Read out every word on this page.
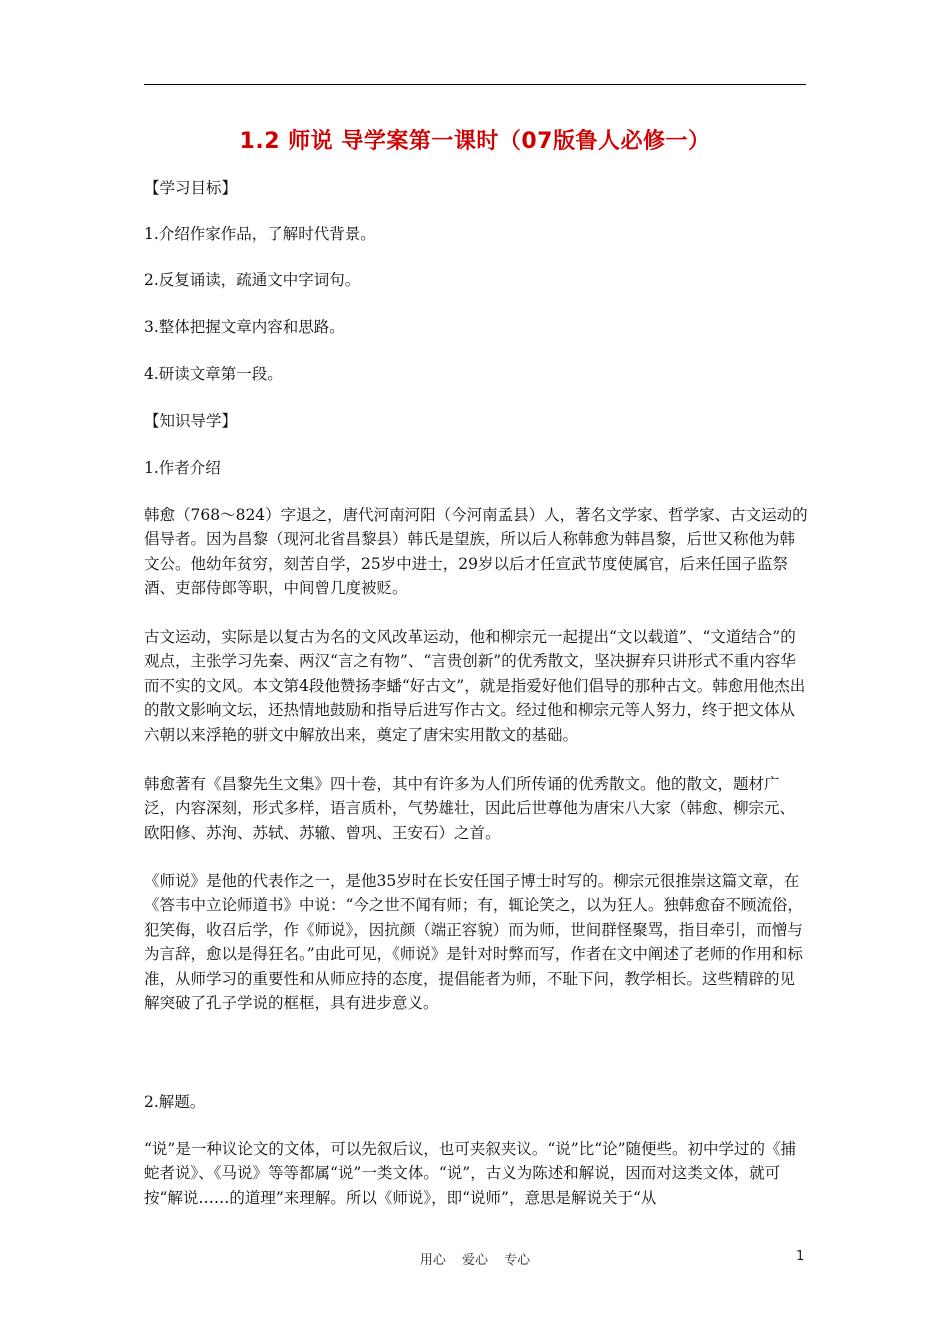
1.2 师说 导学案第一课时（07版鲁人必修一）
【学习目标】
1.介绍作家作品，了解时代背景。
2.反复诵读，疏通文中字词句。
3.整体把握文章内容和思路。
4.研读文章第一段。
【知识导学】
1.作者介绍
韩愈（768～824）字退之，唐代河南河阳（今河南孟县）人，著名文学家、哲学家、古文运动的倡导者。因为昌黎（现河北省昌黎县）韩氏是望族，所以后人称韩愈为韩昌黎，后世又称他为韩文公。他幼年贫穷，刻苦自学，25岁中进士，29岁以后才任宣武节度使属官，后来任国子监祭酒、吏部侍郎等职，中间曾几度被贬。
古文运动，实际是以复古为名的文风改革运动，他和柳宗元一起提出“文以载道”、“文道结合”的观点，主张学习先秦、两汉“言之有物”、“言贵创新”的优秀散文，坚决摒弃只讲形式不重内容华而不实的文风。本文第4段他赞扬李蟠“好古文”，就是指爱好他们倡导的那种古文。韩愈用他杰出的散文影响文坛，还热情地鼓励和指导后进写作古文。经过他和柳宗元等人努力，终于把文体从六朝以来浮艳的骈文中解放出来，奠定了唐宋实用散文的基础。
韩愈著有《昌黎先生文集》四十卷，其中有许多为人们所传诵的优秀散文。他的散文，题材广泛，内容深刻，形式多样，语言质朴，气势雄壮，因此后世尊他为唐宋八大家（韩愈、柳宗元、欧阳修、苏洵、苏轼、苏辙、曾巩、王安石）之首。
《师说》是他的代表作之一，是他35岁时在长安任国子博士时写的。柳宗元很推崇这篇文章，在《答韦中立论师道书》中说：“今之世不闻有师；有，辄论笑之，以为狂人。独韩愈奋不顾流俗，犯笑侮，收召后学，作《师说》，因抗颜（端正容貌）而为师，世间群怪聚骂，指目牵引，而憎与为言辞，愈以是得狂名。”由此可见，《师说》是针对时弊而写，作者在文中阐述了老师的作用和标准，从师学习的重要性和从师应持的态度，提倡能者为师，不耻下问，教学相长。这些精辟的见解突破了孔子学说的框框，具有进步意义。
2.解题。
“说”是一种议论文的文体，可以先叙后议，也可夹叙夹议。“说”比“论”随便些。初中学过的《捕蛇者说》、《马说》等等都属“说”一类文体。“说”，古义为陈述和解说，因而对这类文体，就可按“解说……的道理”来理解。所以《师说》，即“说师”，意思是解说关于“从
用心 爱心 专心	1
